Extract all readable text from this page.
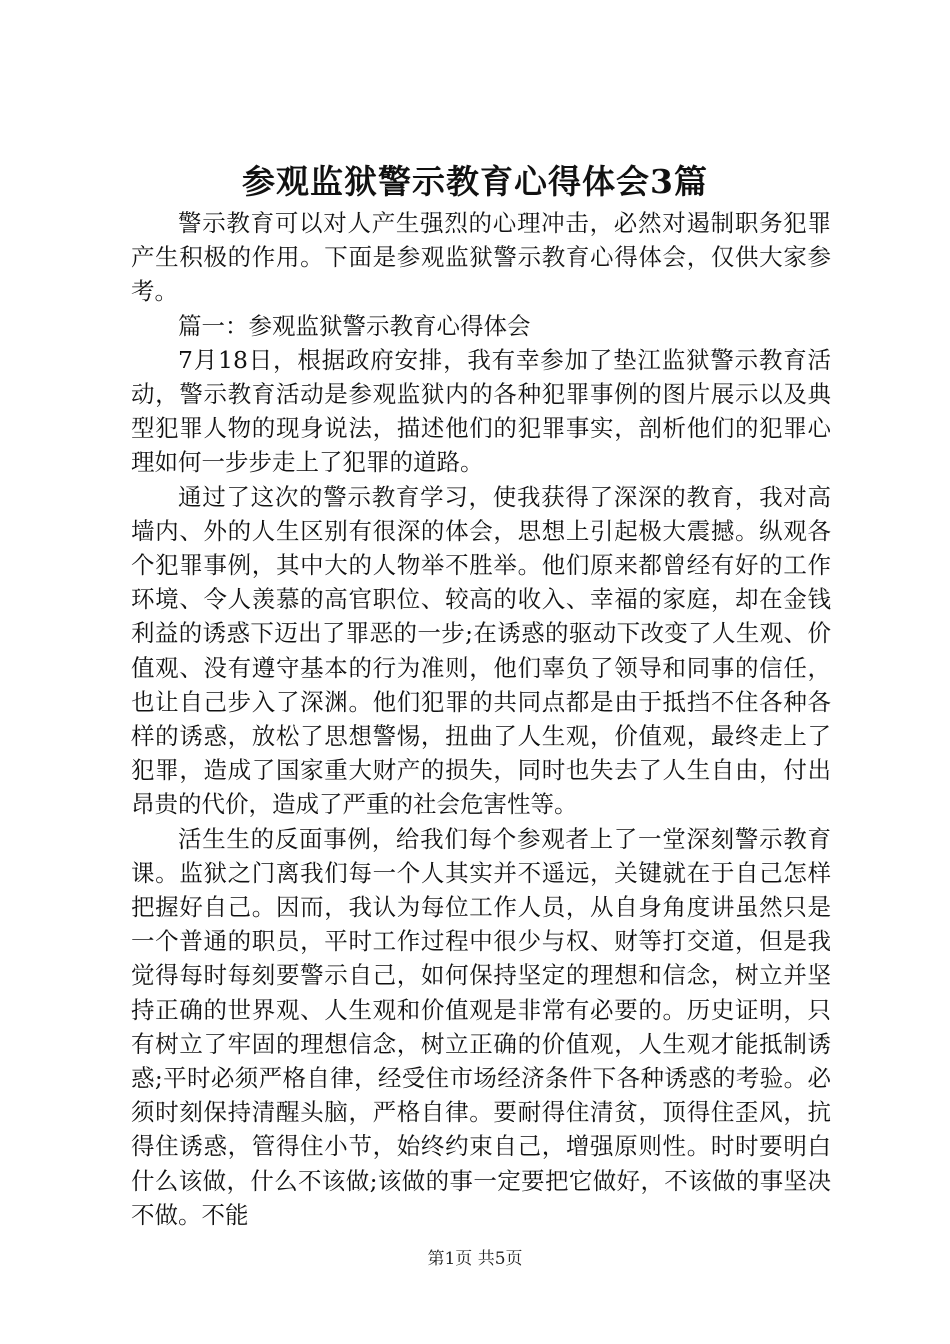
参观监狱警示教育心得体会3篇

警示教育可以对人产生强烈的心理冲击，必然对遏制职务犯罪产生积极的作用。下面是参观监狱警示教育心得体会，仅供大家参考。

篇一：参观监狱警示教育心得体会

7月18日，根据政府安排，我有幸参加了垫江监狱警示教育活动，警示教育活动是参观监狱内的各种犯罪事例的图片展示以及典型犯罪人物的现身说法，描述他们的犯罪事实，剖析他们的犯罪心理如何一步步走上了犯罪的道路。

通过了这次的警示教育学习，使我获得了深深的教育，我对高墙内、外的人生区别有很深的体会，思想上引起极大震撼。纵观各个犯罪事例，其中大的人物举不胜举。他们原来都曾经有好的工作环境、令人羡慕的高官职位、较高的收入、幸福的家庭，却在金钱利益的诱惑下迈出了罪恶的一步;在诱惑的驱动下改变了人生观、价值观、没有遵守基本的行为准则，他们辜负了领导和同事的信任，也让自己步入了深渊。他们犯罪的共同点都是由于抵挡不住各种各样的诱惑，放松了思想警惕，扭曲了人生观，价值观，最终走上了犯罪，造成了国家重大财产的损失，同时也失去了人生自由，付出昂贵的代价，造成了严重的社会危害性等。

活生生的反面事例，给我们每个参观者上了一堂深刻警示教育课。监狱之门离我们每一个人其实并不遥远，关键就在于自己怎样把握好自己。因而，我认为每位工作人员，从自身角度讲虽然只是一个普通的职员，平时工作过程中很少与权、财等打交道，但是我觉得每时每刻要警示自己，如何保持坚定的理想和信念，树立并坚持正确的世界观、人生观和价值观是非常有必要的。历史证明，只有树立了牢固的理想信念，树立正确的价值观，人生观才能抵制诱惑;平时必须严格自律，经受住市场经济条件下各种诱惑的考验。必须时刻保持清醒头脑，严格自律。要耐得住清贫，顶得住歪风，抗得住诱惑，管得住小节，始终约束自己，增强原则性。时时要明白什么该做，什么不该做;该做的事一定要把它做好，不该做的事坚决不做。不能

第1页 共5页
